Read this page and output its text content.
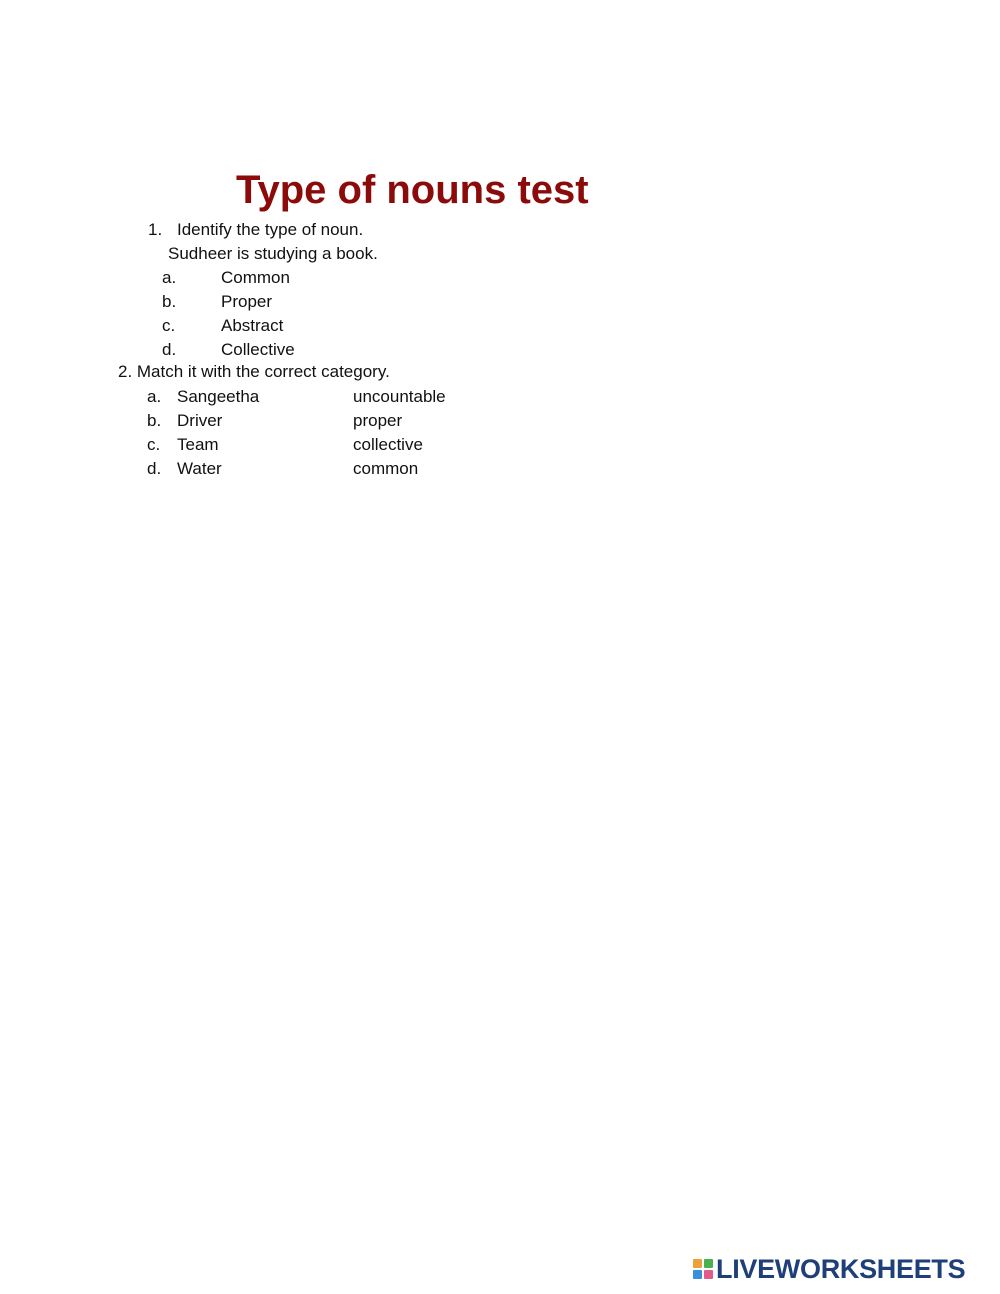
Type of nouns test
1. Identify the type of noun.
Sudheer is studying a book.
a.	Common
b.	Proper
c.	Abstract
d.	Collective
2. Match it with the correct category.
a. Sangeetha	uncountable
b. Driver	proper
c. Team	collective
d. Water	common
LIVEWORKSHEETS
